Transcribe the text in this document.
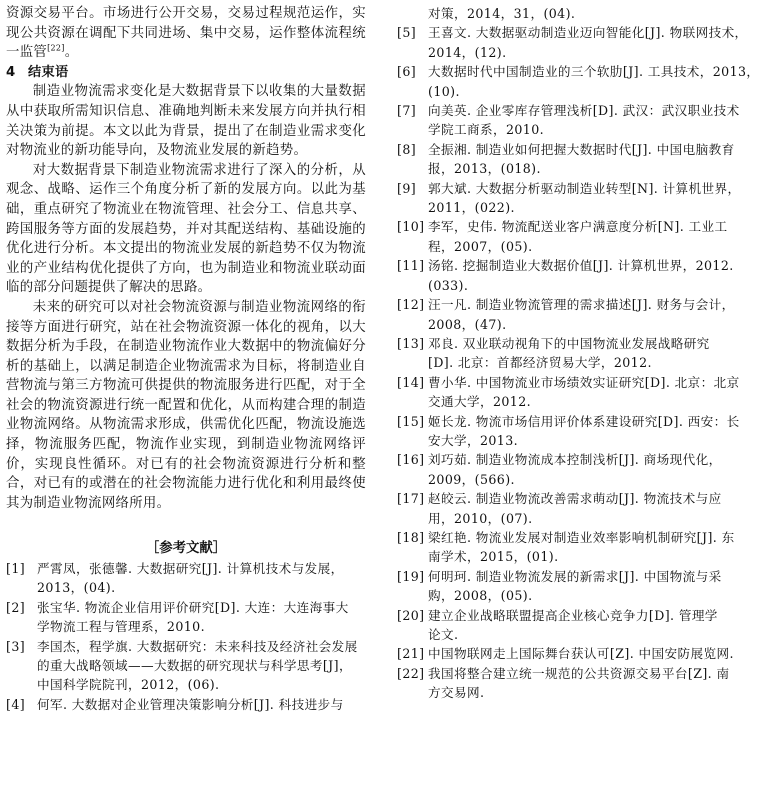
资源交易平台。市场进行公开交易，交易过程规范运作，实现公共资源在调配下共同进场、集中交易，运作整体流程统一监管[22]。

4 结束语

制造业物流需求变化是大数据背景下以收集的大量数据从中获取所需知识信息、准确地判断未来发展方向并执行相关决策为前提。本文以此为背景，提出了在制造业需求变化对物流业的新功能导向，及物流业发展的新趋势。

对大数据背景下制造业物流需求进行了深入的分析，从观念、战略、运作三个角度分析了新的发展方向。以此为基础，重点研究了物流业在物流管理、社会分工、信息共享、跨国服务等方面的发展趋势，并对其配送结构、基础设施的优化进行分析。本文提出的物流业发展的新趋势不仅为物流业的产业结构优化提供了方向，也为制造业和物流业联动面临的部分问题提供了解决的思路。

未来的研究可以对社会物流资源与制造业物流网络的衔接等方面进行研究，站在社会物流资源一体化的视角，以大数据分析为手段，在制造业物流作业大数据中的物流偏好分析的基础上，以满足制造企业物流需求为目标，将制造业自营物流与第三方物流可供提供的物流服务进行匹配，对于全社会的物流资源进行统一配置和优化，从而构建合理的制造业物流网络。从物流需求形成，供需优化匹配，物流设施选择，物流服务匹配，物流作业实现，到制造业物流网络评价，实现良性循环。对已有的社会物流资源进行分析和整合，对已有的或潜在的社会物流能力进行优化和利用最终使其为制造业物流网络所用。

［参考文献］

[1] 严霄凤，张德馨. 大数据研究[J]. 计算机技术与发展，
2013，(04).

[2] 张宝华. 物流企业信用评价研究[D]. 大连：大连海事大
学物流工程与管理系，2010.

[3] 李国杰，程学旗. 大数据研究：未来科技及经济社会发展
的重大战略领域——大数据的研究现状与科学思考[J]，
中国科学院院刊，2012，(06).

[4] 何军. 大数据对企业管理决策影响分析[J]. 科技进步与

对策，2014，31，(04).

[5] 王喜文. 大数据驱动制造业迈向智能化[J]. 物联网技术，
2014，(12).

[6] 大数据时代中国制造业的三个软肋[J]. 工具技术，2013，
(10).

[7] 向美英. 企业零库存管理浅析[D]. 武汉：武汉职业技术
学院工商系，2010.

[8] 全振湘. 制造业如何把握大数据时代[J]. 中国电脑教育
报，2013，(018).

[9] 郭大斌. 大数据分析驱动制造业转型[N]. 计算机世界，
2011，(022).

[10] 李军，史伟. 物流配送业客户满意度分析[N]. 工业工
程，2007，(05).

[11] 汤铭. 挖掘制造业大数据价值[J]. 计算机世界，2012.
(033).

[12] 汪一凡. 制造业物流管理的需求描述[J]. 财务与会计，
2008，(47).

[13] 邓良. 双业联动视角下的中国物流业发展战略研究
[D]. 北京：首都经济贸易大学，2012.

[14] 曹小华. 中国物流业市场绩效实证研究[D]. 北京：北京
交通大学，2012.

[15] 姬长龙. 物流市场信用评价体系建设研究[D]. 西安：长
安大学，2013.

[16] 刘巧茹. 制造业物流成本控制浅析[J]. 商场现代化，
2009，(566).

[17] 赵皎云. 制造业物流改善需求萌动[J]. 物流技术与应
用，2010，(07).

[18] 梁红艳. 物流业发展对制造业效率影响机制研究[J]. 东
南学术，2015，(01).

[19] 何明珂. 制造业物流发展的新需求[J]. 中国物流与采
购，2008，(05).

[20] 建立企业战略联盟提高企业核心竞争力[D]. 管理学
论文.

[21] 中国物联网走上国际舞台获认可[Z]. 中国安防展览网.

[22] 我国将整合建立统一规范的公共资源交易平台[Z]. 南
方交易网.
